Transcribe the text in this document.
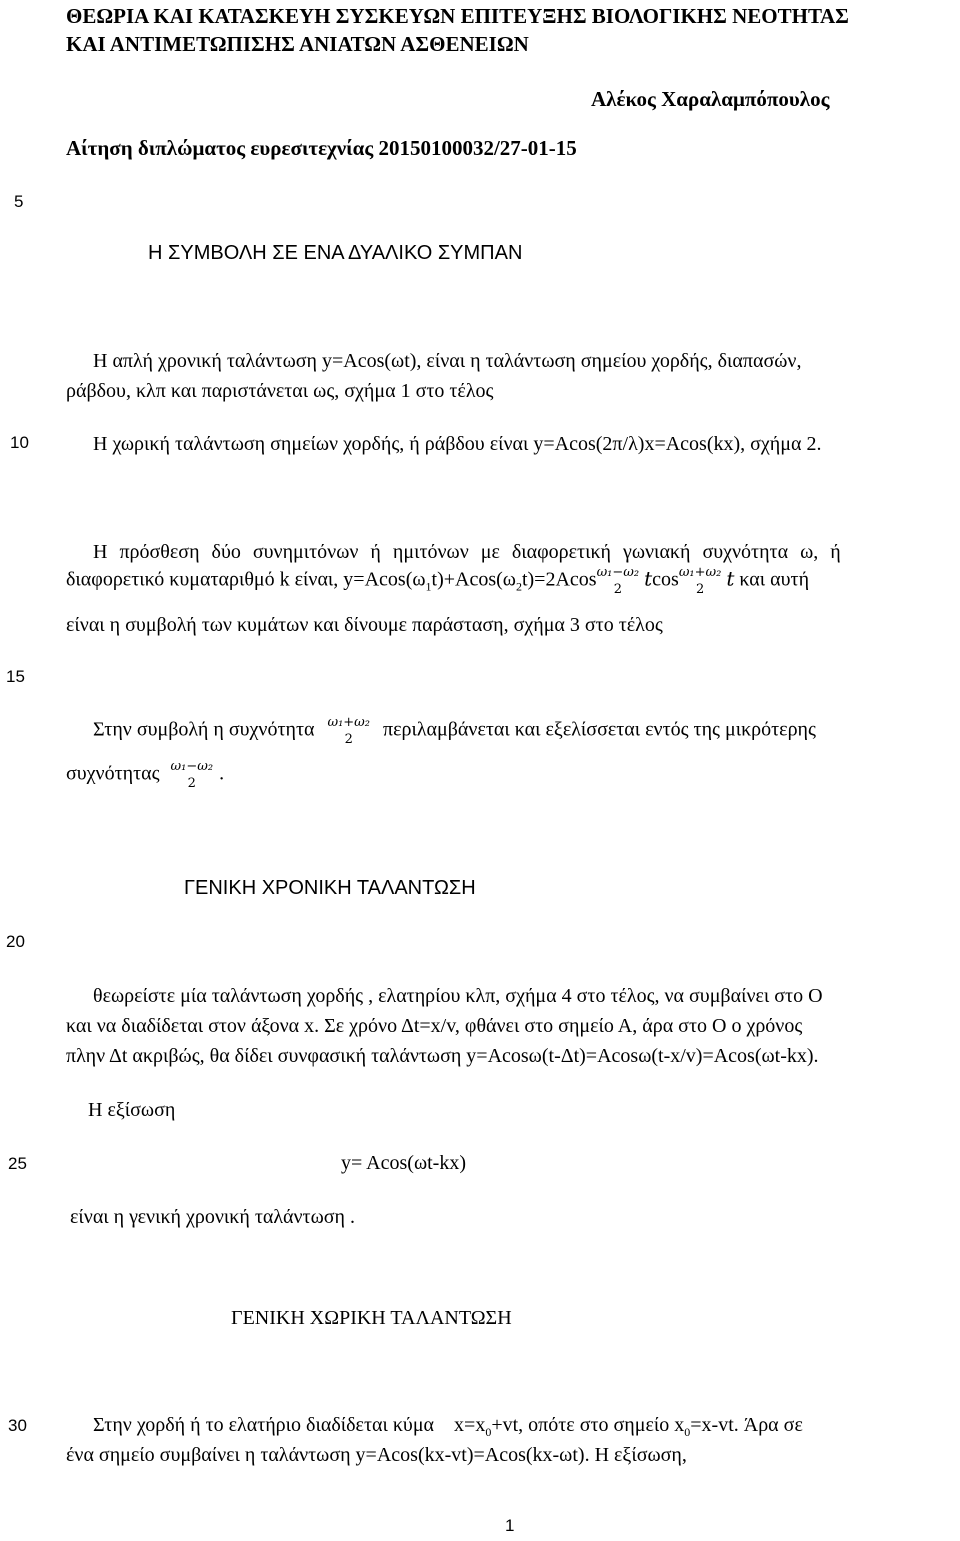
ΘΕΩΡΙΑ ΚΑΙ ΚΑΤΑΣΚΕΥΗ ΣΥΣΚΕΥΩΝ ΕΠΙΤΕΥΞΗΣ ΒΙΟΛΟΓΙΚΗΣ ΝΕΟΤΗΤΑΣ
ΚΑΙ ΑΝΤΙΜΕΤΩΠΙΣΗΣ ΑΝΙΑΤΩΝ ΑΣΘΕΝΕΙΩΝ
Αλέκος Χαραλαμπόπουλος
Αίτηση διπλώματος ευρεσιτεχνίας 20150100032/27-01-15
5
10
15
20
25
30
Η ΣΥΜΒΟΛΗ ΣΕ ΕΝΑ ΔΥΑΛΙΚΟ ΣΥΜΠΑΝ
Η απλή χρονική ταλάντωση y=Acos(ωt), είναι η ταλάντωση σημείου χορδής, διαπασών,
ράβδου, κλπ και παριστάνεται ως, σχήμα 1 στο τέλος
Η χωρική ταλάντωση σημείων χορδής, ή ράβδου είναι y=Acos(2π/λ)x=Acos(kx), σχήμα 2.
Η πρόσθεση δύο συνημιτόνων ή ημιτόνων με διαφορετική γωνιακή συχνότητα ω, ή
διαφορετικό κυματαριθμό k είναι, $y=Acos(\omega_1t)+Acos(\omega_2t)=2Acos$ ω₁−ω₂
2	tcos ω₁+ω₂
2	t και αυτή
είναι η συμβολή των κυμάτων και δίνουμε παράσταση, σχήμα 3 στο τέλος
Στην συμβολή η συχνότητα ω₁+ω₂
2	περιλαμβάνεται και εξελίσσεται εντός της μικρότερης
συχνότητας ω₁−ω₂
2	.
ΓΕΝΙΚΗ ΧΡΟΝΙΚΗ ΤΑΛΑΝΤΩΣΗ
θεωρείστε μία ταλάντωση χορδής , ελατηρίου κλπ, σχήμα 4 στο τέλος, να συμβαίνει στο Ο
και να διαδίδεται στον άξονα x. Σε χρόνο Δt=x/v, φθάνει στο σημείο Α, άρα στο Ο ο χρόνος
πλην Δt ακριβώς, θα δίδει συνφασική ταλάντωση y=Acosω(t-Δt)=Acosω(t-x/v)=Acos(ωt-kx).
Η εξίσωση
y= Acos(ωt-kx)
είναι η γενική χρονική ταλάντωση .
ΓΕΝΙΚΗ ΧΩΡΙΚΗ ΤΑΛΑΝΤΩΣΗ
Στην χορδή ή το ελατήριο διαδίδεται κύμα $x=x_0+vt$, οπότε στο σημείο $x_0=x-vt$. Άρα σε
ένα σημείο συμβαίνει η ταλάντωση y=Acos(kx-vt)=Acos(kx-ωt). Η εξίσωση,
1
